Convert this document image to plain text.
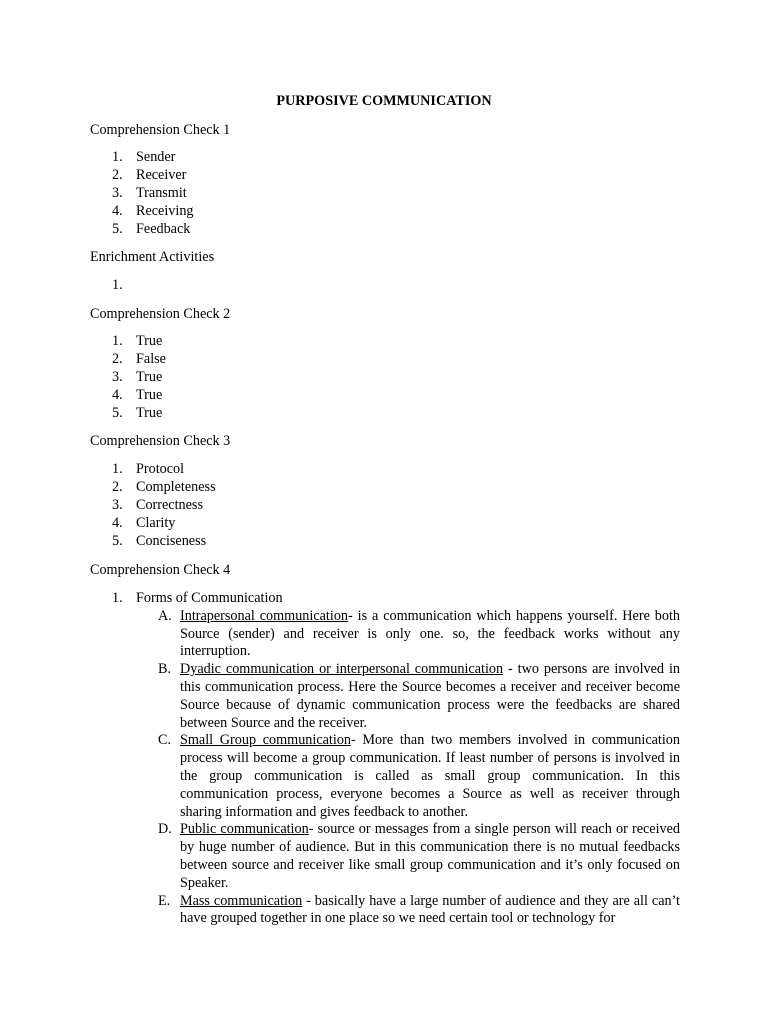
PURPOSIVE COMMUNICATION
Comprehension Check 1
1. Sender
2. Receiver
3. Transmit
4. Receiving
5. Feedback
Enrichment Activities
1.
Comprehension Check 2
1. True
2. False
3. True
4. True
5. True
Comprehension Check 3
1. Protocol
2. Completeness
3. Correctness
4. Clarity
5. Conciseness
Comprehension Check 4
1. Forms of Communication
A. Intrapersonal communication- is a communication which happens yourself. Here both Source (sender) and receiver is only one. so, the feedback works without any interruption.

B. Dyadic communication or interpersonal communication - two persons are involved in this communication process. Here the Source becomes a receiver and receiver become Source because of dynamic communication process were the feedbacks are shared between Source and the receiver.

C. Small Group communication- More than two members involved in communication process will become a group communication. If least number of persons is involved in the group communication is called as small group communication. In this communication process, everyone becomes a Source as well as receiver through sharing information and gives feedback to another.

D. Public communication- source or messages from a single person will reach or received by huge number of audience. But in this communication there is no mutual feedbacks between source and receiver like small group communication and it’s only focused on Speaker.

E. Mass communication - basically have a large number of audience and they are all can’t have grouped together in one place so we need certain tool or technology for
